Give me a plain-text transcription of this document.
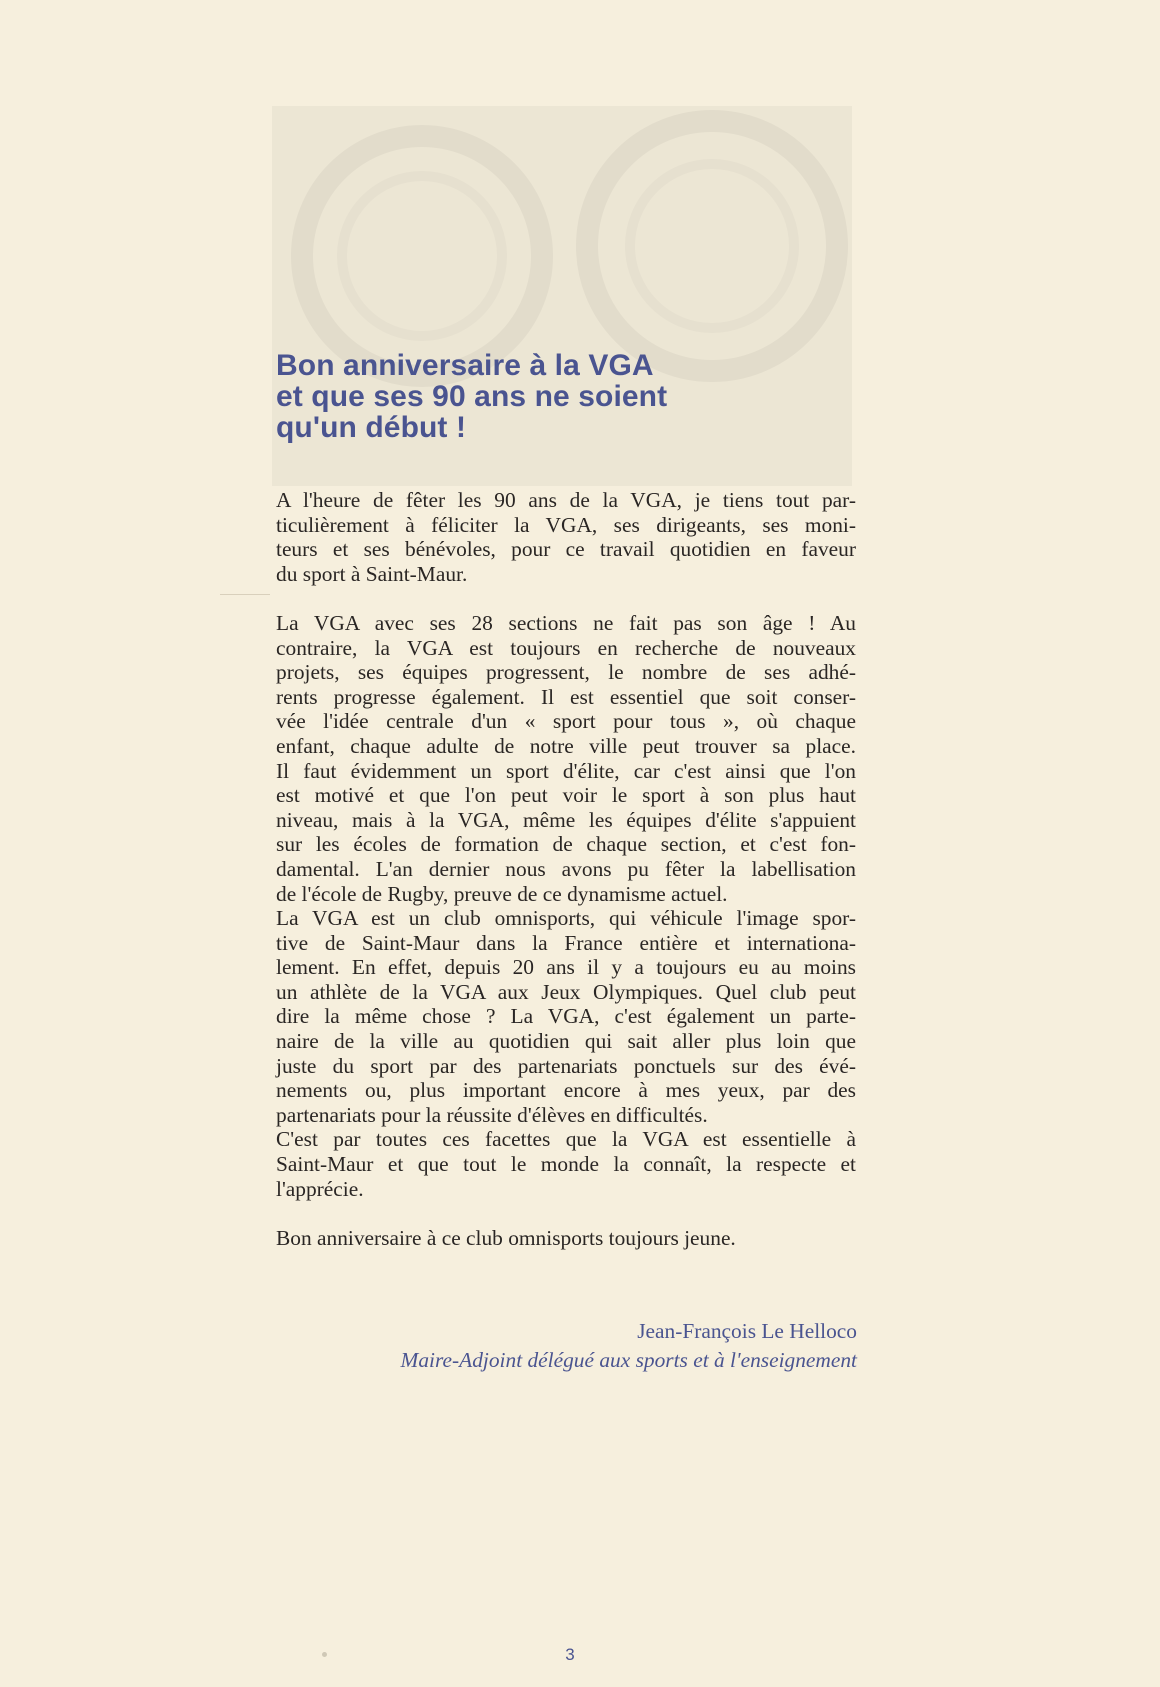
Bon anniversaire à la VGA
et que ses 90 ans ne soient
qu'un début !

A l'heure de fêter les 90 ans de la VGA, je tiens tout par-
ticulièrement à féliciter la VGA, ses dirigeants, ses moni-
teurs et ses bénévoles, pour ce travail quotidien en faveur
du sport à Saint-Maur.

La VGA avec ses 28 sections ne fait pas son âge ! Au
contraire, la VGA est toujours en recherche de nouveaux
projets, ses équipes progressent, le nombre de ses adhé-
rents progresse également. Il est essentiel que soit conser-
vée l'idée centrale d'un « sport pour tous », où chaque
enfant, chaque adulte de notre ville peut trouver sa place.
Il faut évidemment un sport d'élite, car c'est ainsi que l'on
est motivé et que l'on peut voir le sport à son plus haut
niveau, mais à la VGA, même les équipes d'élite s'appuient
sur les écoles de formation de chaque section, et c'est fon-
damental. L'an dernier nous avons pu fêter la labellisation
de l'école de Rugby, preuve de ce dynamisme actuel.

La VGA est un club omnisports, qui véhicule l'image spor-
tive de Saint-Maur dans la France entière et internationa-
lement. En effet, depuis 20 ans il y a toujours eu au moins
un athlète de la VGA aux Jeux Olympiques. Quel club peut
dire la même chose ? La VGA, c'est également un parte-
naire de la ville au quotidien qui sait aller plus loin que
juste du sport par des partenariats ponctuels sur des évé-
nements ou, plus important encore à mes yeux, par des
partenariats pour la réussite d'élèves en difficultés.

C'est par toutes ces facettes que la VGA est essentielle à
Saint-Maur et que tout le monde la connaît, la respecte et
l'apprécie.

Bon anniversaire à ce club omnisports toujours jeune.

Jean-François Le Helloco
Maire-Adjoint délégué aux sports et à l'enseignement
3
